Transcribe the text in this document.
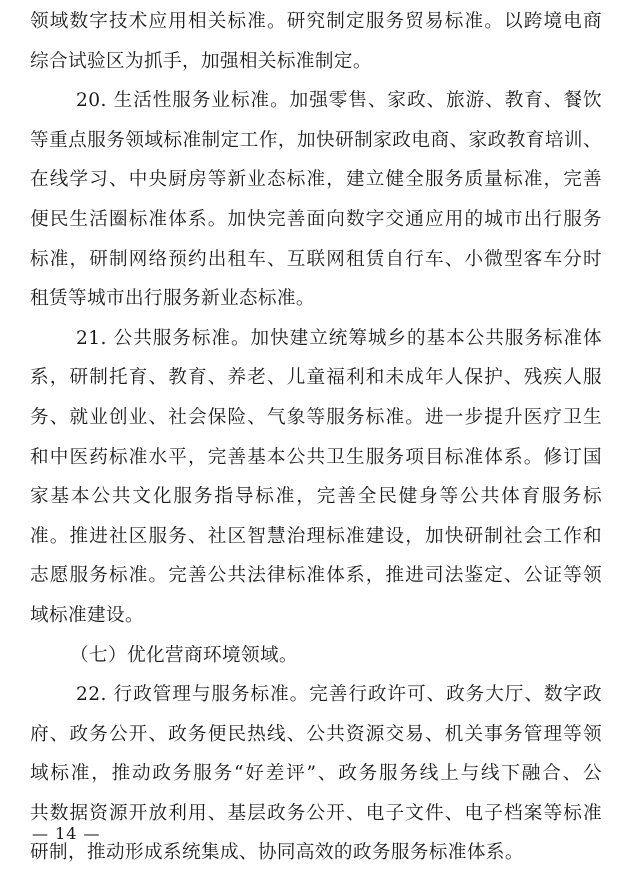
领域数字技术应用相关标准。研究制定服务贸易标准。以跨境电商
综合试验区为抓手，加强相关标准制定。
20. 生活性服务业标准。加强零售、家政、旅游、教育、餐饮
等重点服务领域标准制定工作，加快研制家政电商、家政教育培训、
在线学习、中央厨房等新业态标准，建立健全服务质量标准，完善
便民生活圈标准体系。加快完善面向数字交通应用的城市出行服务
标准，研制网络预约出租车、互联网租赁自行车、小微型客车分时
租赁等城市出行服务新业态标准。
21. 公共服务标准。加快建立统筹城乡的基本公共服务标准体
系，研制托育、教育、养老、儿童福利和未成年人保护、残疾人服
务、就业创业、社会保险、气象等服务标准。进一步提升医疗卫生
和中医药标准水平，完善基本公共卫生服务项目标准体系。修订国
家基本公共文化服务指导标准，完善全民健身等公共体育服务标
准。推进社区服务、社区智慧治理标准建设，加快研制社会工作和
志愿服务标准。完善公共法律标准体系，推进司法鉴定、公证等领
域标准建设。
（七）优化营商环境领域。
22. 行政管理与服务标准。完善行政许可、政务大厅、数字政
府、政务公开、政务便民热线、公共资源交易、机关事务管理等领
域标准，推动政务服务“好差评”、政务服务线上与线下融合、公
共数据资源开放利用、基层政务公开、电子文件、电子档案等标准
研制，推动形成系统集成、协同高效的政务服务标准体系。
— 14 —
